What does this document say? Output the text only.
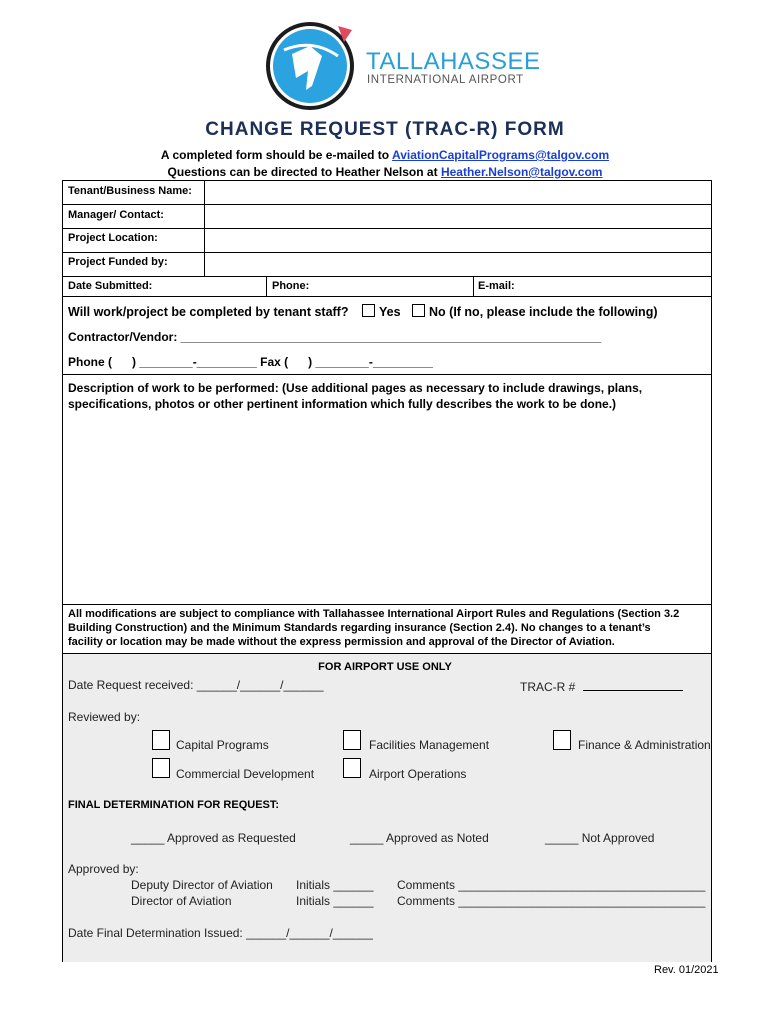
TALLAHASSEE
INTERNATIONAL AIRPORT
CHANGE REQUEST (TRAC-R) FORM
A completed form should be e-mailed to AviationCapitalPrograms@talgov.com
Questions can be directed to Heather Nelson at Heather.Nelson@talgov.com
Tenant/Business Name:
Manager/ Contact:
Project Location:
Project Funded by:
Date Submitted:	Phone:	E-mail:
Will work/project be completed by tenant staff? Yes No (If no, please include the following)
Contractor/Vendor: _______________________________________________________________
Phone (      ) ________-_________ Fax (      ) ________-_________
Description of work to be performed: (Use additional pages as necessary to include drawings, plans,
specifications, photos or other pertinent information which fully describes the work to be done.)
All modifications are subject to compliance with Tallahassee International Airport Rules and Regulations (Section 3.2
Building Construction) and the Minimum Standards regarding insurance (Section 2.4). No changes to a tenant’s
facility or location may be made without the express permission and approval of the Director of Aviation.
FOR AIRPORT USE ONLY
Date Request received: ______/______/______	TRAC-R #
Reviewed by:
Capital Programs	Facilities Management	Finance & Administration
Commercial Development	Airport Operations
FINAL DETERMINATION FOR REQUEST:
_____ Approved as Requested	_____ Approved as Noted	_____ Not Approved
Approved by:
Deputy Director of Aviation Initials ______ Comments _____________________________________
Director of Aviation	Initials ______ Comments _____________________________________
Date Final Determination Issued: ______/______/______
Rev. 01/2021
